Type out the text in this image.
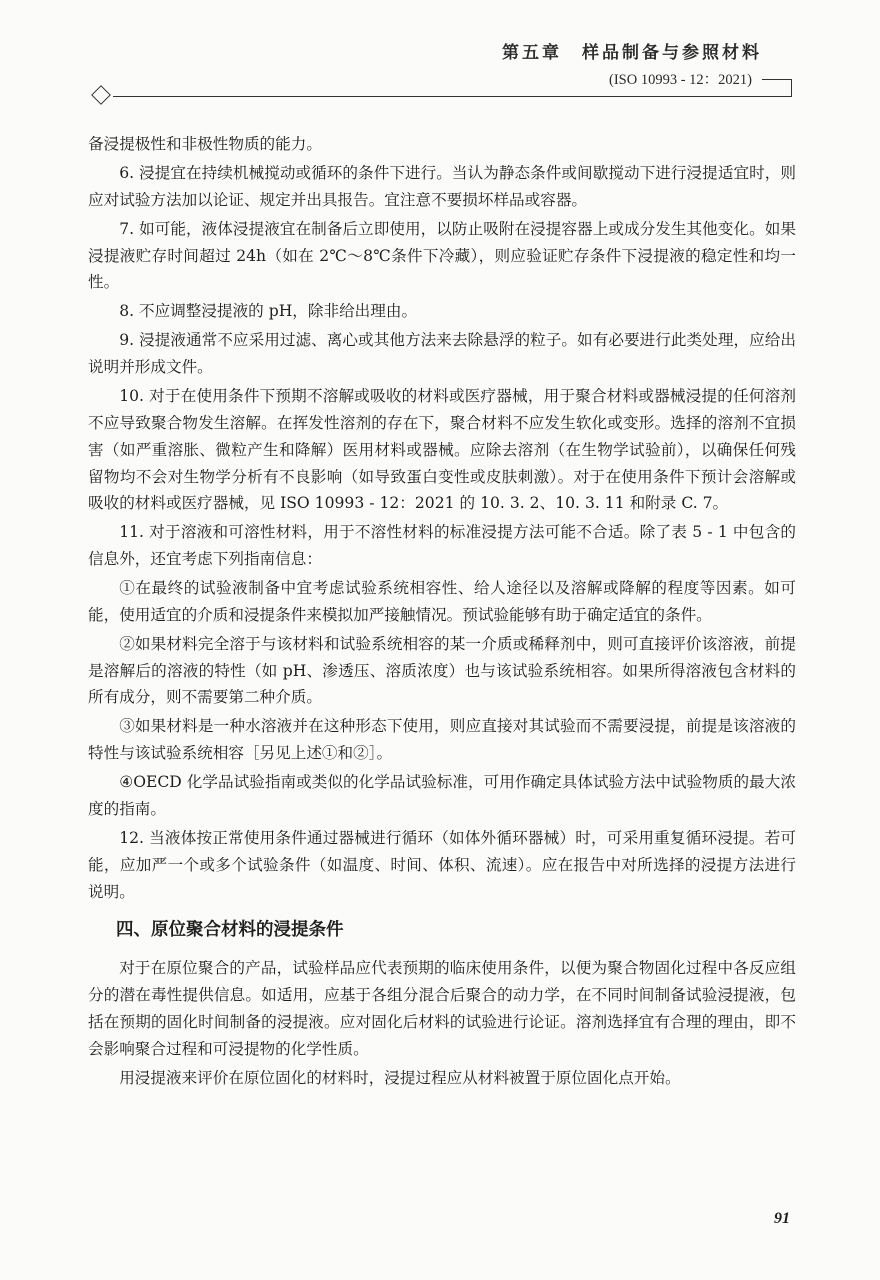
第五章　样品制备与参照材料
(ISO 10993 - 12：2021)

备浸提极性和非极性物质的能力。

6. 浸提宜在持续机械搅动或循环的条件下进行。当认为静态条件或间歇搅动下进行浸提适宜时，则应对试验方法加以论证、规定并出具报告。宜注意不要损坏样品或容器。

7. 如可能，液体浸提液宜在制备后立即使用，以防止吸附在浸提容器上或成分发生其他变化。如果浸提液贮存时间超过 24h（如在 2℃～8℃条件下冷藏），则应验证贮存条件下浸提液的稳定性和均一性。

8. 不应调整浸提液的 pH，除非给出理由。

9. 浸提液通常不应采用过滤、离心或其他方法来去除悬浮的粒子。如有必要进行此类处理，应给出说明并形成文件。

10. 对于在使用条件下预期不溶解或吸收的材料或医疗器械，用于聚合材料或器械浸提的任何溶剂不应导致聚合物发生溶解。在挥发性溶剂的存在下，聚合材料不应发生软化或变形。选择的溶剂不宜损害（如严重溶胀、微粒产生和降解）医用材料或器械。应除去溶剂（在生物学试验前），以确保任何残留物均不会对生物学分析有不良影响（如导致蛋白变性或皮肤刺激）。对于在使用条件下预计会溶解或吸收的材料或医疗器械，见 ISO 10993 - 12：2021 的 10. 3. 2、10. 3. 11 和附录 C. 7。

11. 对于溶液和可溶性材料，用于不溶性材料的标准浸提方法可能不合适。除了表 5 - 1 中包含的信息外，还宜考虑下列指南信息：

①在最终的试验液制备中宜考虑试验系统相容性、给人途径以及溶解或降解的程度等因素。如可能，使用适宜的介质和浸提条件来模拟加严接触情况。预试验能够有助于确定适宜的条件。

②如果材料完全溶于与该材料和试验系统相容的某一介质或稀释剂中，则可直接评价该溶液，前提是溶解后的溶液的特性（如 pH、渗透压、溶质浓度）也与该试验系统相容。如果所得溶液包含材料的所有成分，则不需要第二种介质。

③如果材料是一种水溶液并在这种形态下使用，则应直接对其试验而不需要浸提，前提是该溶液的特性与该试验系统相容［另见上述①和②］。

④OECD 化学品试验指南或类似的化学品试验标准，可用作确定具体试验方法中试验物质的最大浓度的指南。

12. 当液体按正常使用条件通过器械进行循环（如体外循环器械）时，可采用重复循环浸提。若可能，应加严一个或多个试验条件（如温度、时间、体积、流速）。应在报告中对所选择的浸提方法进行说明。

四、原位聚合材料的浸提条件

对于在原位聚合的产品，试验样品应代表预期的临床使用条件，以便为聚合物固化过程中各反应组分的潜在毒性提供信息。如适用，应基于各组分混合后聚合的动力学，在不同时间制备试验浸提液，包括在预期的固化时间制备的浸提液。应对固化后材料的试验进行论证。溶剂选择宜有合理的理由，即不会影响聚合过程和可浸提物的化学性质。

用浸提液来评价在原位固化的材料时，浸提过程应从材料被置于原位固化点开始。

91
